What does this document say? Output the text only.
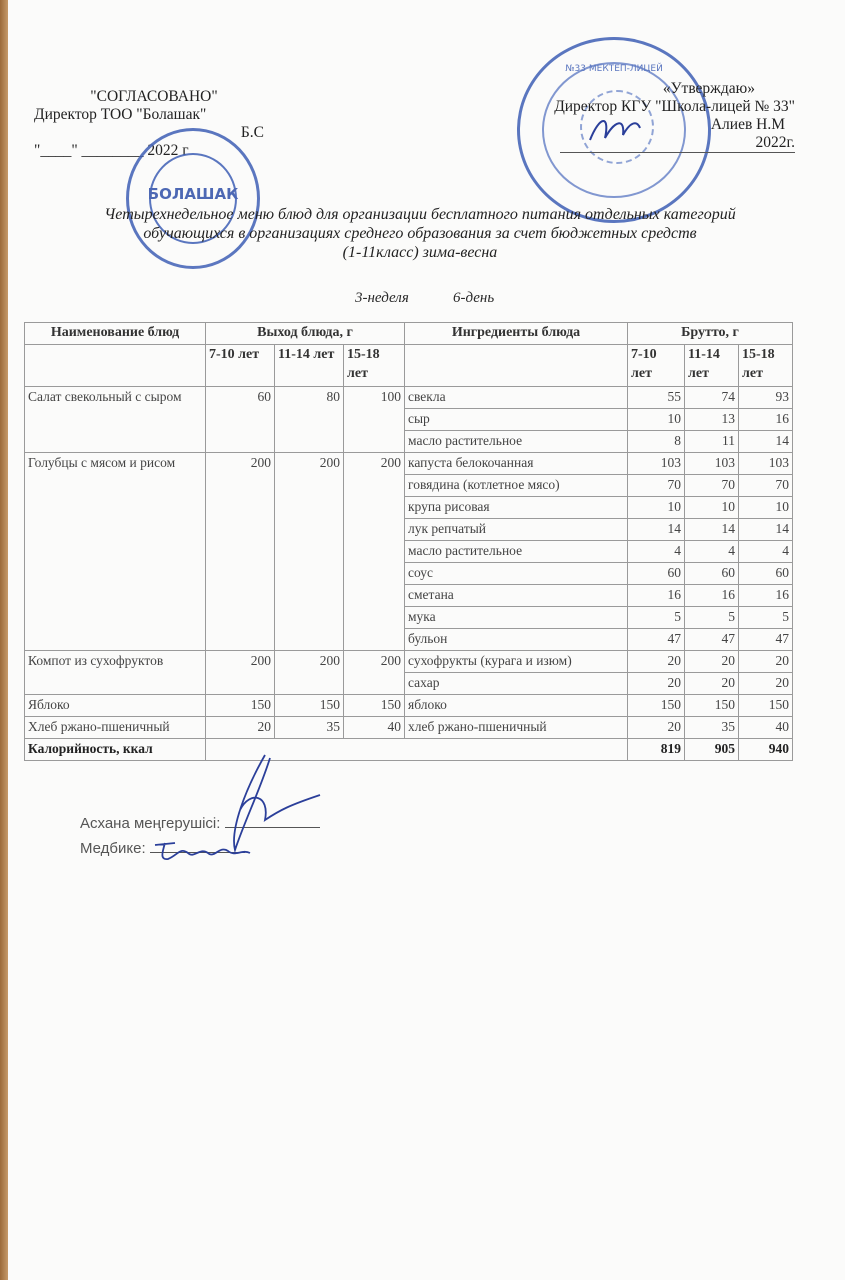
"СОГЛАСОВАНО"
Директор ТОО "Болашак"
Б.С
"____" ________ 2022 г
БОЛАШАК
№33 МЕКТЕП-ЛИЦЕЙ
«Утверждаю»
Директор КГУ "Школа-лицей № 33"
Алиев Н.М
2022г.
Четырехнедельное меню блюд для организации бесплатного питания отдельных категорий
обучающихся в организациях среднего образования за счет бюджетных средств
(1-11класс) зима-весна
3-неделя	6-день
Наименование блюд	Выход блюда, г			Ингредиенты блюда	Брутто, г		
	7-10 лет	11-14 лет	15-18 лет		7-10 лет	11-14 лет	15-18 лет
Салат свекольный с сыром	60	80	100	свекла	55	74	93
				сыр	10	13	16
				масло растительное	8	11	14
Голубцы с мясом и рисом	200	200	200	капуста белокочанная	103	103	103
				говядина (котлетное мясо)	70	70	70
				крупа рисовая	10	10	10
				лук репчатый	14	14	14
				масло растительное	4	4	4
				соус	60	60	60
				сметана	16	16	16
				мука	5	5	5
				бульон	47	47	47
Компот из сухофруктов	200	200	200	сухофрукты (курага и изюм)	20	20	20
				сахар	20	20	20
Яблоко	150	150	150	яблоко	150	150	150
Хлеб ржано-пшеничный	20	35	40	хлеб ржано-пшеничный	20	35	40
Калорийность, ккал					819	905	940
Асхана меңгерушісі:
Медбике:
